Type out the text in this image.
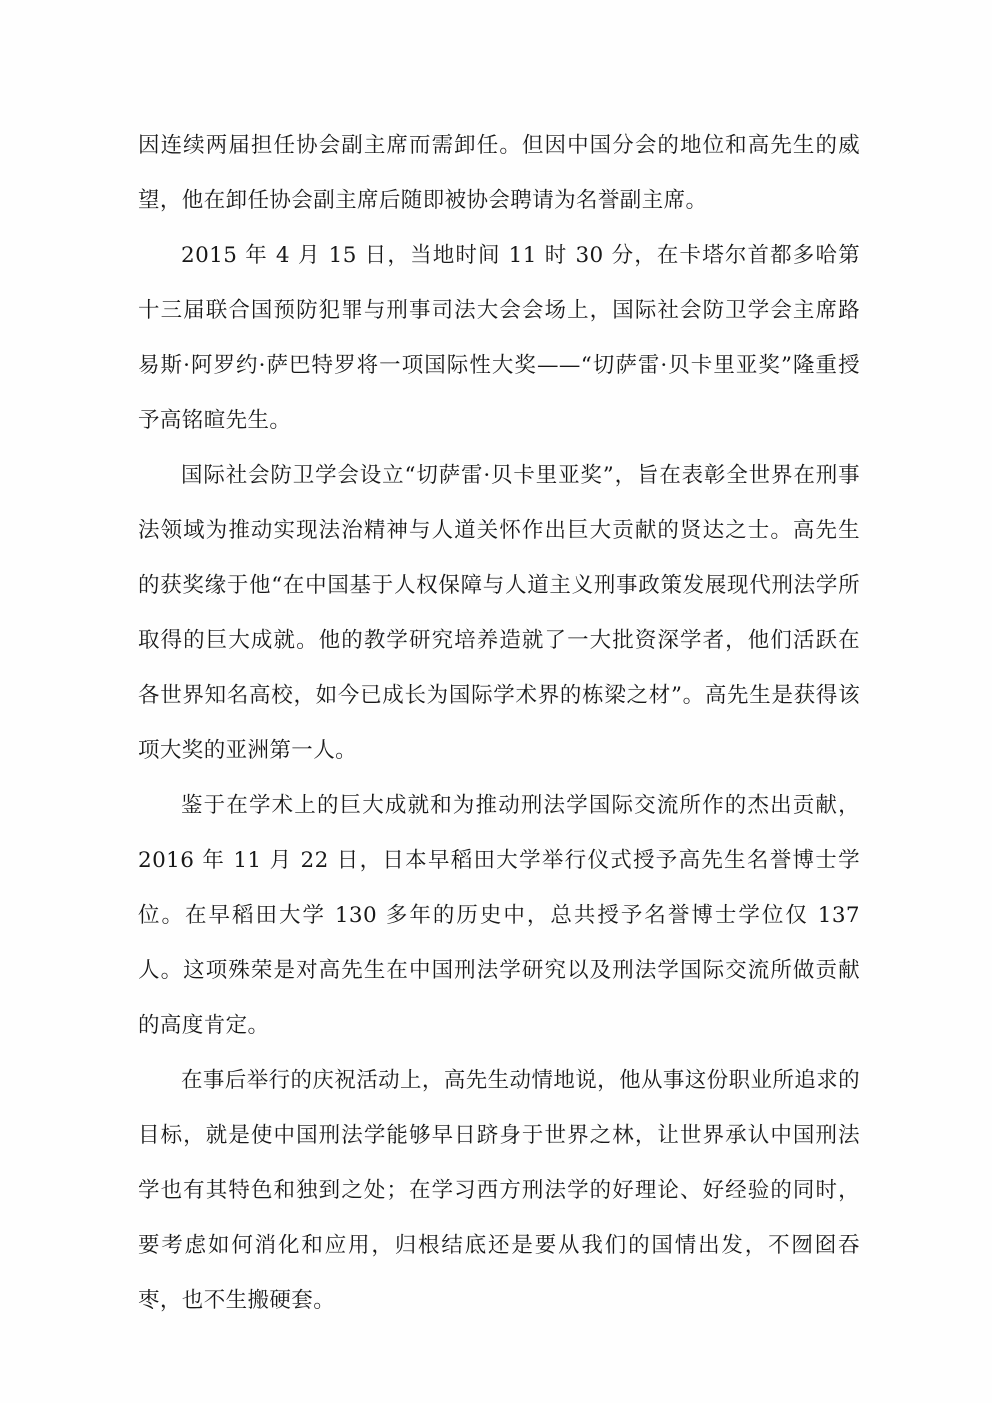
因连续两届担任协会副主席而需卸任。但因中国分会的地位和高先生的威望，他在卸任协会副主席后随即被协会聘请为名誉副主席。

2015 年 4 月 15 日，当地时间 11 时 30 分，在卡塔尔首都多哈第十三届联合国预防犯罪与刑事司法大会会场上，国际社会防卫学会主席路易斯·阿罗约·萨巴特罗将一项国际性大奖——“切萨雷·贝卡里亚奖”隆重授予高铭暄先生。

国际社会防卫学会设立“切萨雷·贝卡里亚奖”，旨在表彰全世界在刑事法领域为推动实现法治精神与人道关怀作出巨大贡献的贤达之士。高先生的获奖缘于他“在中国基于人权保障与人道主义刑事政策发展现代刑法学所取得的巨大成就。他的教学研究培养造就了一大批资深学者，他们活跃在各世界知名高校，如今已成长为国际学术界的栋梁之材”。高先生是获得该项大奖的亚洲第一人。

鉴于在学术上的巨大成就和为推动刑法学国际交流所作的杰出贡献，2016 年 11 月 22 日，日本早稻田大学举行仪式授予高先生名誉博士学位。在早稻田大学 130 多年的历史中，总共授予名誉博士学位仅 137 人。这项殊荣是对高先生在中国刑法学研究以及刑法学国际交流所做贡献的高度肯定。

在事后举行的庆祝活动上，高先生动情地说，他从事这份职业所追求的目标，就是使中国刑法学能够早日跻身于世界之林，让世界承认中国刑法学也有其特色和独到之处；在学习西方刑法学的好理论、好经验的同时，要考虑如何消化和应用，归根结底还是要从我们的国情出发，不囫囵吞枣，也不生搬硬套。
